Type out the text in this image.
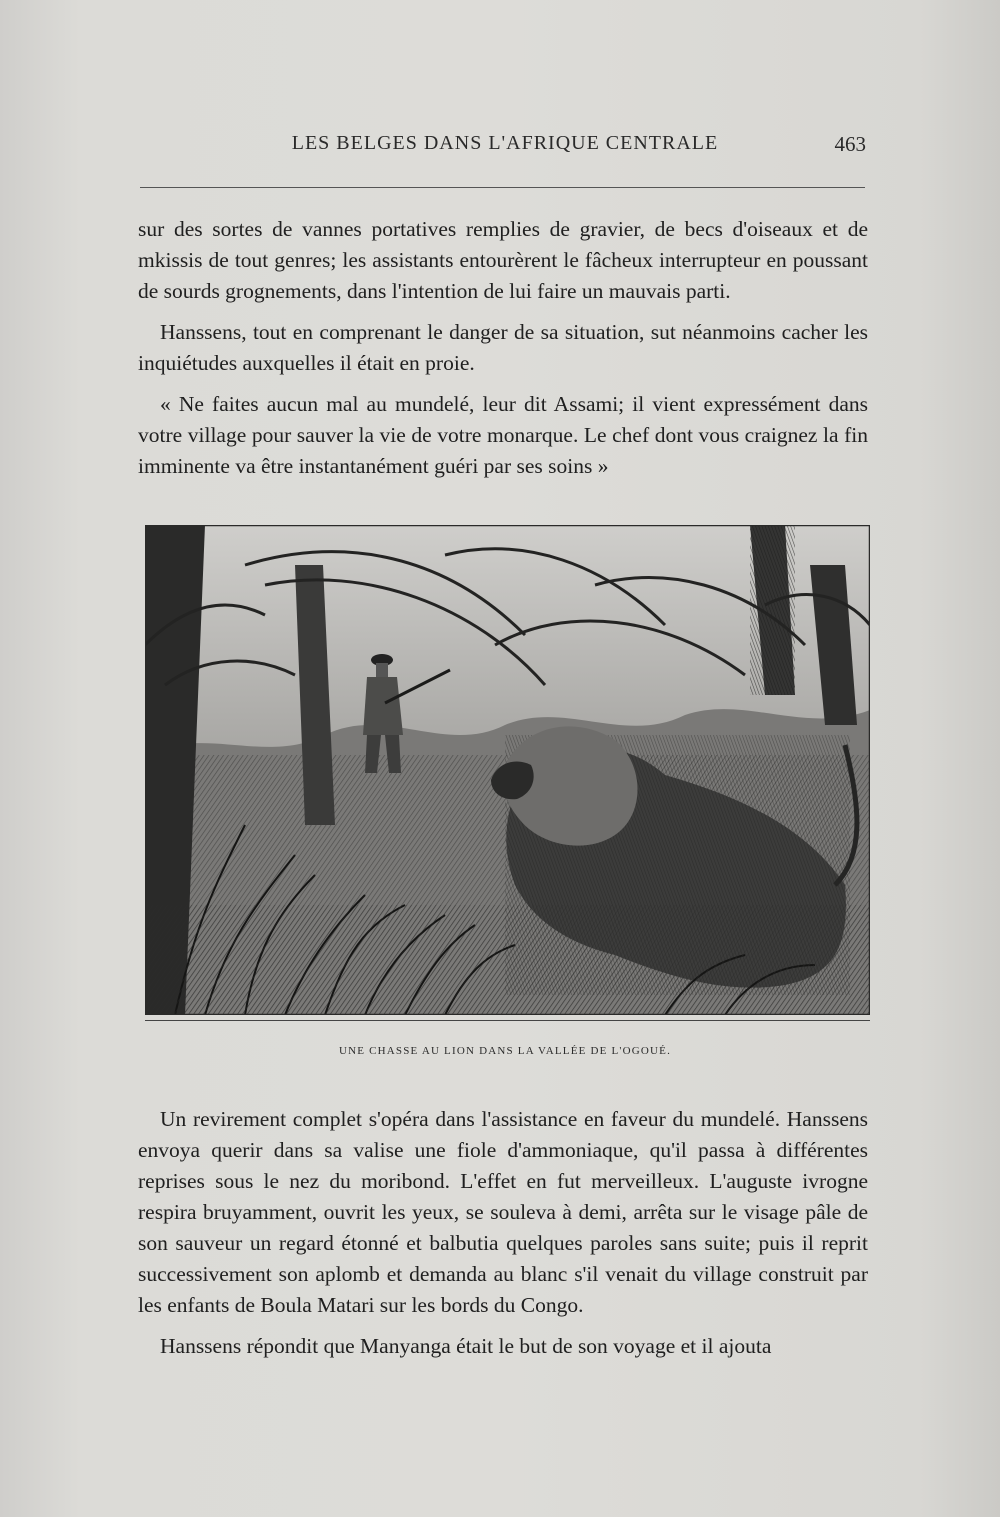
LES BELGES DANS L'AFRIQUE CENTRALE	463

sur des sortes de vannes portatives remplies de gravier, de becs d'oiseaux et de mkissis de tout genres; les assistants entourèrent le fâcheux interrupteur en poussant de sourds grognements, dans l'intention de lui faire un mauvais parti.

Hanssens, tout en comprenant le danger de sa situation, sut néanmoins cacher les inquiétudes auxquelles il était en proie.

« Ne faites aucun mal au mundelé, leur dit Assami; il vient expressément dans votre village pour sauver la vie de votre monarque. Le chef dont vous craignez la fin imminente va être instantanément guéri par ses soins »

UNE CHASSE AU LION DANS LA VALLÉE DE L'OGOUÉ.

Un revirement complet s'opéra dans l'assistance en faveur du mundelé. Hanssens envoya querir dans sa valise une fiole d'ammoniaque, qu'il passa à différentes reprises sous le nez du moribond. L'effet en fut merveilleux. L'auguste ivrogne respira bruyamment, ouvrit les yeux, se souleva à demi, arrêta sur le visage pâle de son sauveur un regard étonné et balbutia quelques paroles sans suite; puis il reprit successivement son aplomb et demanda au blanc s'il venait du village construit par les enfants de Boula Matari sur les bords du Congo.

Hanssens répondit que Manyanga était le but de son voyage et il ajouta
